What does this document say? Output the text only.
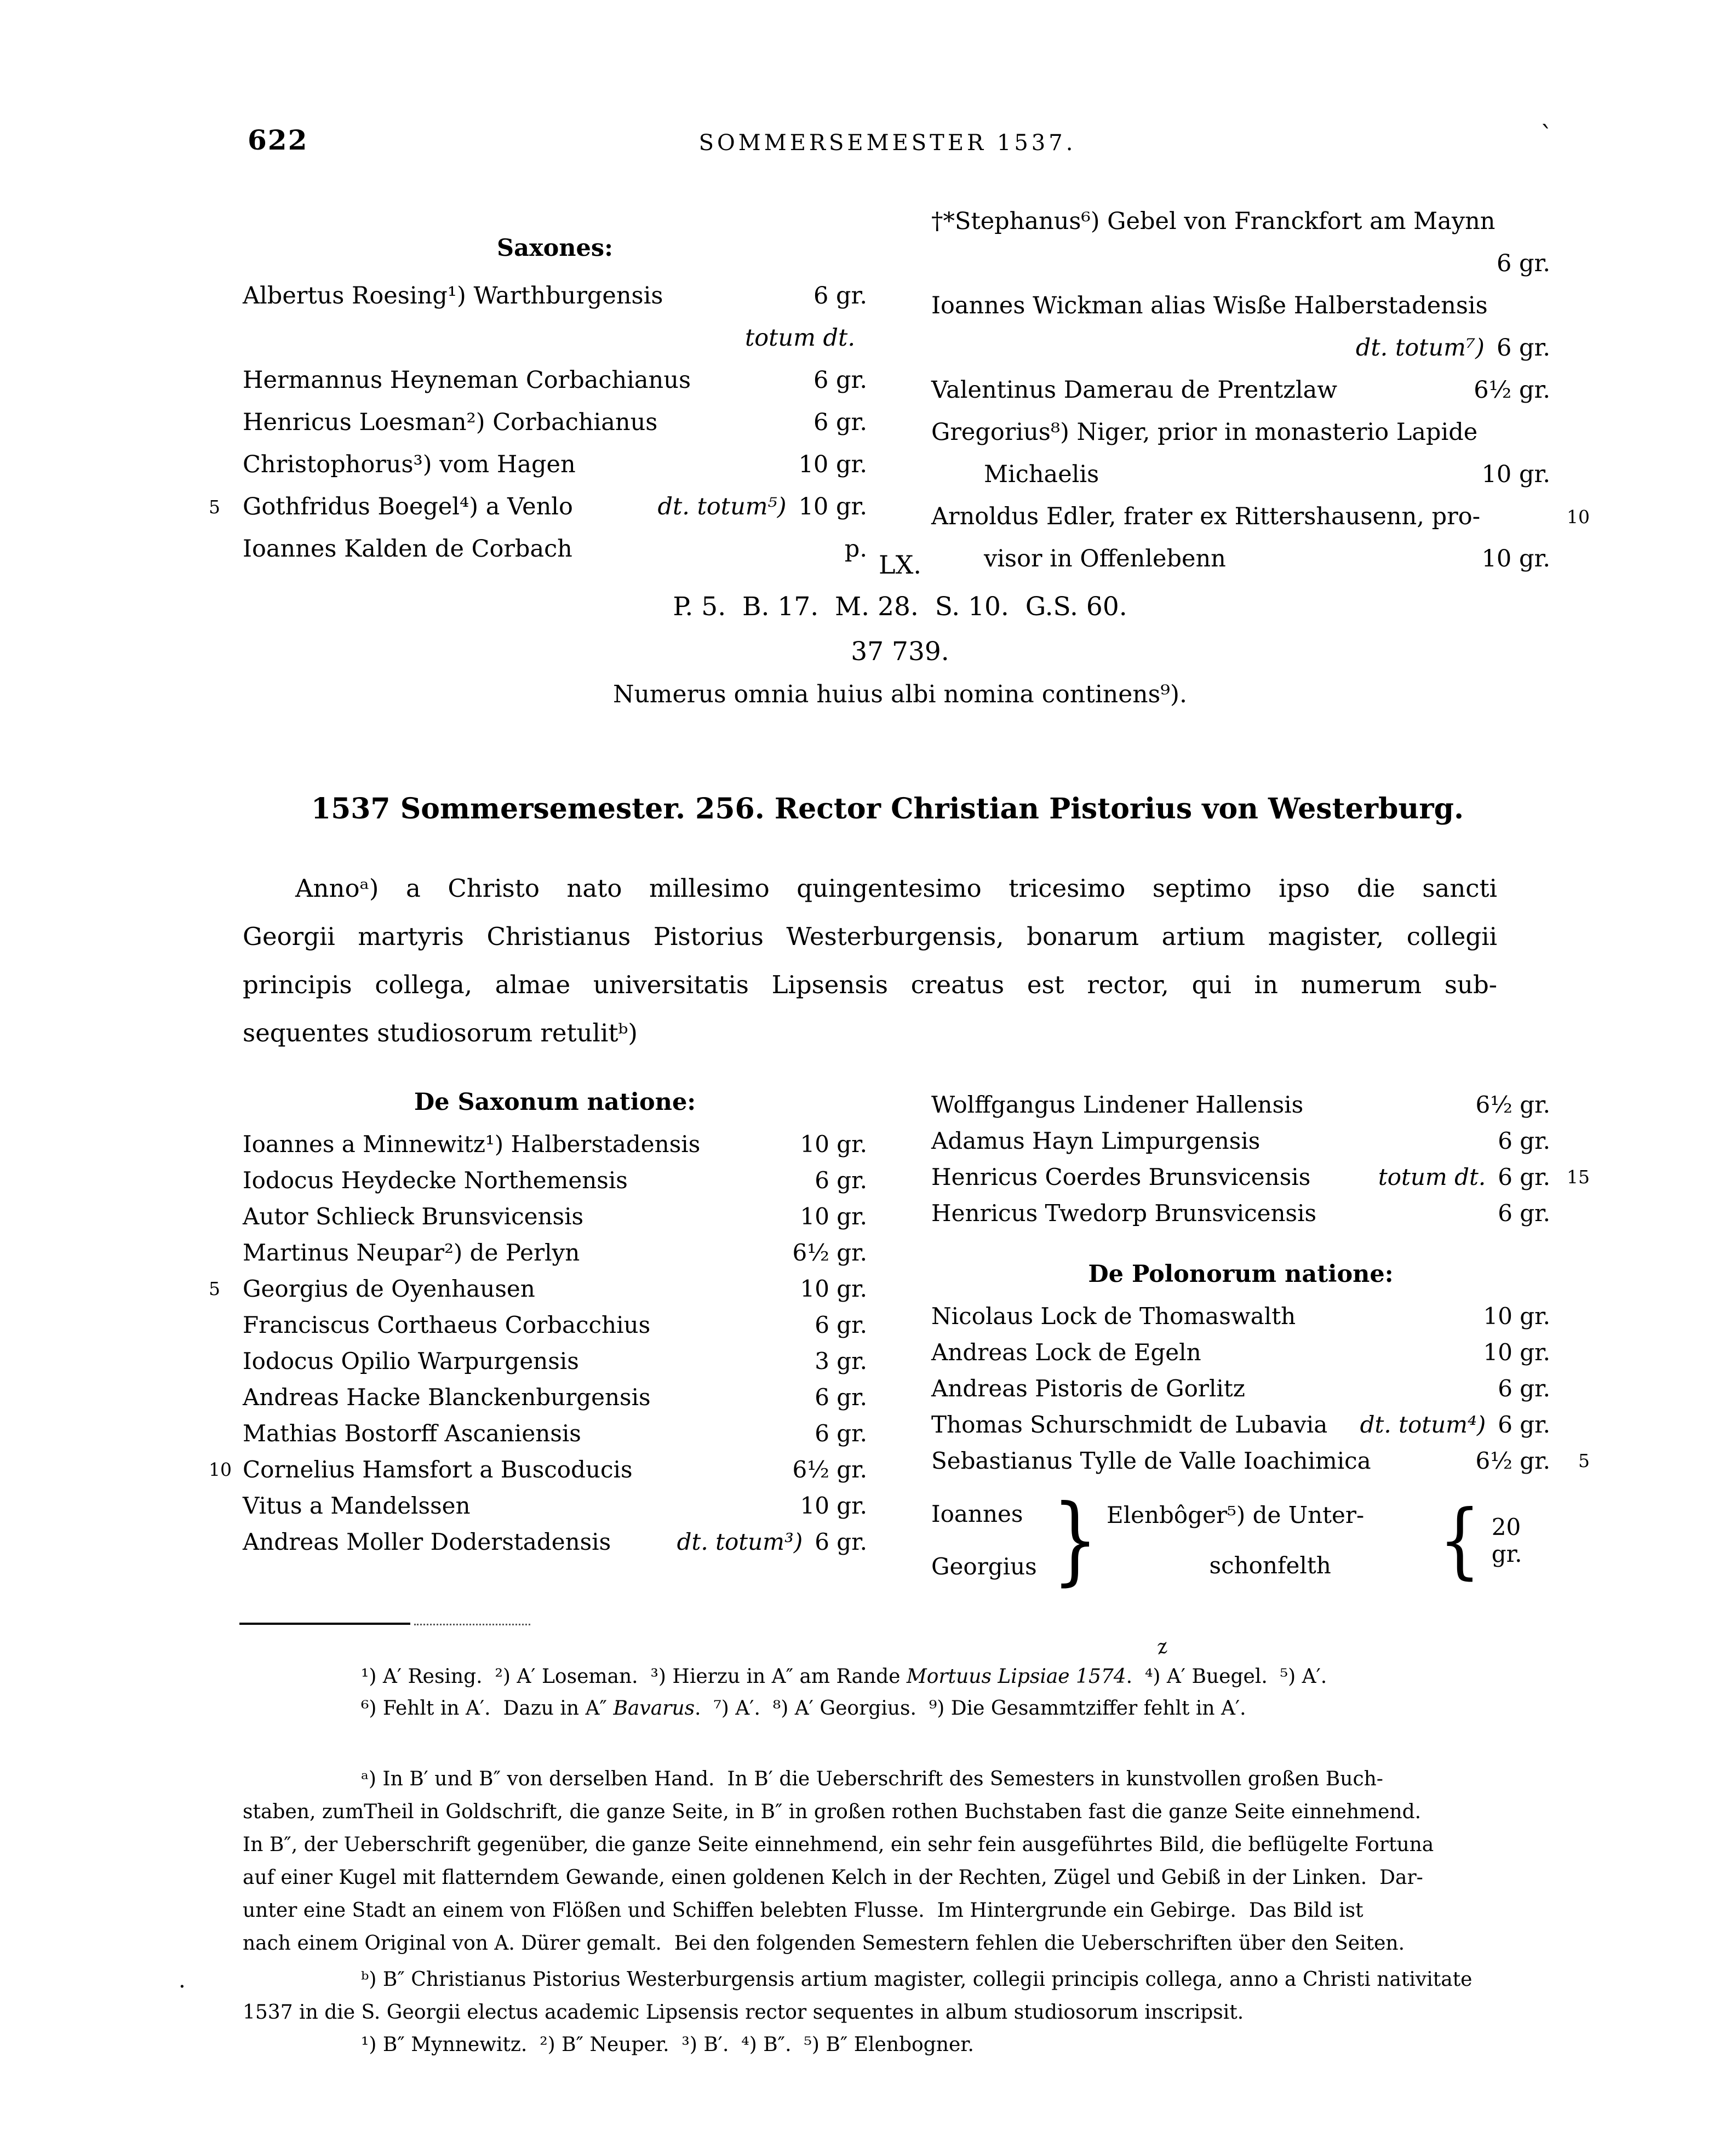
622	SOMMERSEMESTER 1537.	ˋ
Saxones:
Albertus Roesing¹) Warthburgensis	6 gr.
totum dt.
Hermannus Heyneman Corbachianus	6 gr.
Henricus Loesman²) Corbachianus	6 gr.
Christophorus³) vom Hagen	10 gr.
5 Gothfridus Boegel⁴) a Venlo	dt. totum⁵) 10 gr.
Ioannes Kalden de Corbach	p.
†*Stephanus⁶) Gebel von Franckfort am Maynn
6 gr.
Ioannes Wickman alias Wisße Halberstadensis
dt. totum⁷) 6 gr.
Valentinus Damerau de Prentzlaw	6¹⁄₂ gr.
Gregorius⁸) Niger, prior in monasterio Lapide
Michaelis	10 gr.
Arnoldus Edler, frater ex Rittershausenn, pro-	10
visor in Offenlebenn	10 gr.
LX.
P. 5.  B. 17.  M. 28.  S. 10.  G.S. 60.
37 739.
Numerus omnia huius albi nomina continens⁹).
1537 Sommersemester. 256. Rector Christian Pistorius von Westerburg.
Annoᵃ) a Christo nato millesimo quingentesimo tricesimo septimo ipso die sancti
Georgii martyris Christianus Pistorius Westerburgensis, bonarum artium magister, collegii
principis collega, almae universitatis Lipsensis creatus est rector, qui in numerum sub-
sequentes studiosorum retulitᵇ)
De Saxonum natione:
Ioannes a Minnewitz¹) Halberstadensis	10 gr.
Iodocus Heydecke Northemensis	6 gr.
Autor Schlieck Brunsvicensis	10 gr.
Martinus Neupar²) de Perlyn	6¹⁄₂ gr.
5 Georgius de Oyenhausen	10 gr.
Franciscus Corthaeus Corbacchius	6 gr.
Iodocus Opilio Warpurgensis	3 gr.
Andreas Hacke Blanckenburgensis	6 gr.
Mathias Bostorff Ascaniensis	6 gr.
10 Cornelius Hamsfort a Buscoducis	6¹⁄₂ gr.
Vitus a Mandelssen	10 gr.
Andreas Moller Doderstadensis	dt. totum³) 6 gr.
Wolffgangus Lindener Hallensis	6¹⁄₂ gr.
Adamus Hayn Limpurgensis	6 gr.
Henricus Coerdes Brunsvicensis	totum dt. 6 gr. 15
Henricus Twedorp Brunsvicensis	6 gr.
De Polonorum natione:
Nicolaus Lock de Thomaswalth	10 gr.
Andreas Lock de Egeln	10 gr.
Andreas Pistoris de Gorlitz	6 gr.
Thomas Schurschmidt de Lubavia dt. totum⁴) 6 gr.
Sebastianus Tylle de Valle Ioachimica	6¹⁄₂ gr. 5
Ioannes
Georgius } Elenbôger⁵) de Unter-
schonfelth	{ 20 gr.
z
¹) A′ Resing.  ²) A′ Loseman.  ³) Hierzu in A″ am Rande Mortuus Lipsiae 1574.  ⁴) A′ Buegel.  ⁵) A′.
⁶) Fehlt in A′.  Dazu in A″ Bavarus.  ⁷) A′.  ⁸) A′ Georgius.  ⁹) Die Gesammtziffer fehlt in A′.
ᵃ) In B′ und B″ von derselben Hand.  In B′ die Ueberschrift des Semesters in kunstvollen großen Buch-
staben, zumTheil in Goldschrift, die ganze Seite, in B″ in großen rothen Buchstaben fast die ganze Seite einnehmend.
In B″, der Ueberschrift gegenüber, die ganze Seite einnehmend, ein sehr fein ausgeführtes Bild, die beflügelte Fortuna
auf einer Kugel mit flatterndem Gewande, einen goldenen Kelch in der Rechten, Zügel und Gebiß in der Linken.  Dar-
unter eine Stadt an einem von Flößen und Schiffen belebten Flusse.  Im Hintergrunde ein Gebirge.  Das Bild ist
nach einem Original von A. Dürer gemalt.  Bei den folgenden Semestern fehlen die Ueberschriften über den Seiten.
.	ᵇ) B″ Christianus Pistorius Westerburgensis artium magister, collegii principis collega, anno a Christi nativitate
1537 in die S. Georgii electus academic Lipsensis rector sequentes in album studiosorum inscripsit.
¹) B″ Mynnewitz.  ²) B″ Neuper.  ³) B′.  ⁴) B″.  ⁵) B″ Elenbogner.
